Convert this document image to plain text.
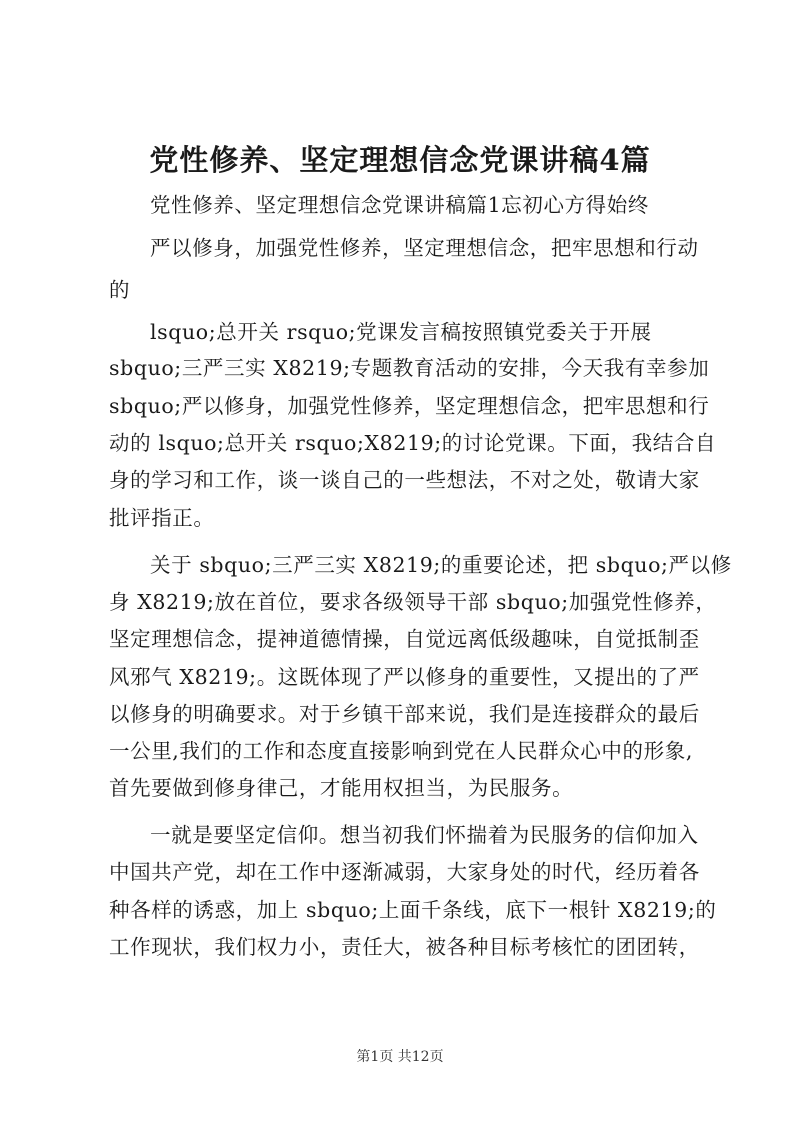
党性修养、坚定理想信念党课讲稿4篇
党性修养、坚定理想信念党课讲稿篇1忘初心方得始终
严以修身，加强党性修养，坚定理想信念，把牢思想和行动
的
lsquo;总开关 rsquo;党课发言稿按照镇党委关于开展
sbquo;三严三实 X8219;专题教育活动的安排，今天我有幸参加
sbquo;严以修身，加强党性修养，坚定理想信念，把牢思想和行
动的 lsquo;总开关 rsquo;X8219;的讨论党课。下面，我结合自
身的学习和工作，谈一谈自己的一些想法，不对之处，敬请大家
批评指正。
关于 sbquo;三严三实 X8219;的重要论述，把 sbquo;严以修
身 X8219;放在首位，要求各级领导干部 sbquo;加强党性修养，
坚定理想信念，提神道德情操，自觉远离低级趣味，自觉抵制歪
风邪气 X8219;。这既体现了严以修身的重要性，又提出的了严
以修身的明确要求。对于乡镇干部来说，我们是连接群众的最后
一公里,我们的工作和态度直接影响到党在人民群众心中的形象,
首先要做到修身律己，才能用权担当，为民服务。
一就是要坚定信仰。想当初我们怀揣着为民服务的信仰加入
中国共产党，却在工作中逐渐减弱，大家身处的时代，经历着各
种各样的诱惑，加上 sbquo;上面千条线，底下一根针 X8219;的
工作现状，我们权力小，责任大，被各种目标考核忙的团团转，
第1页 共12页
